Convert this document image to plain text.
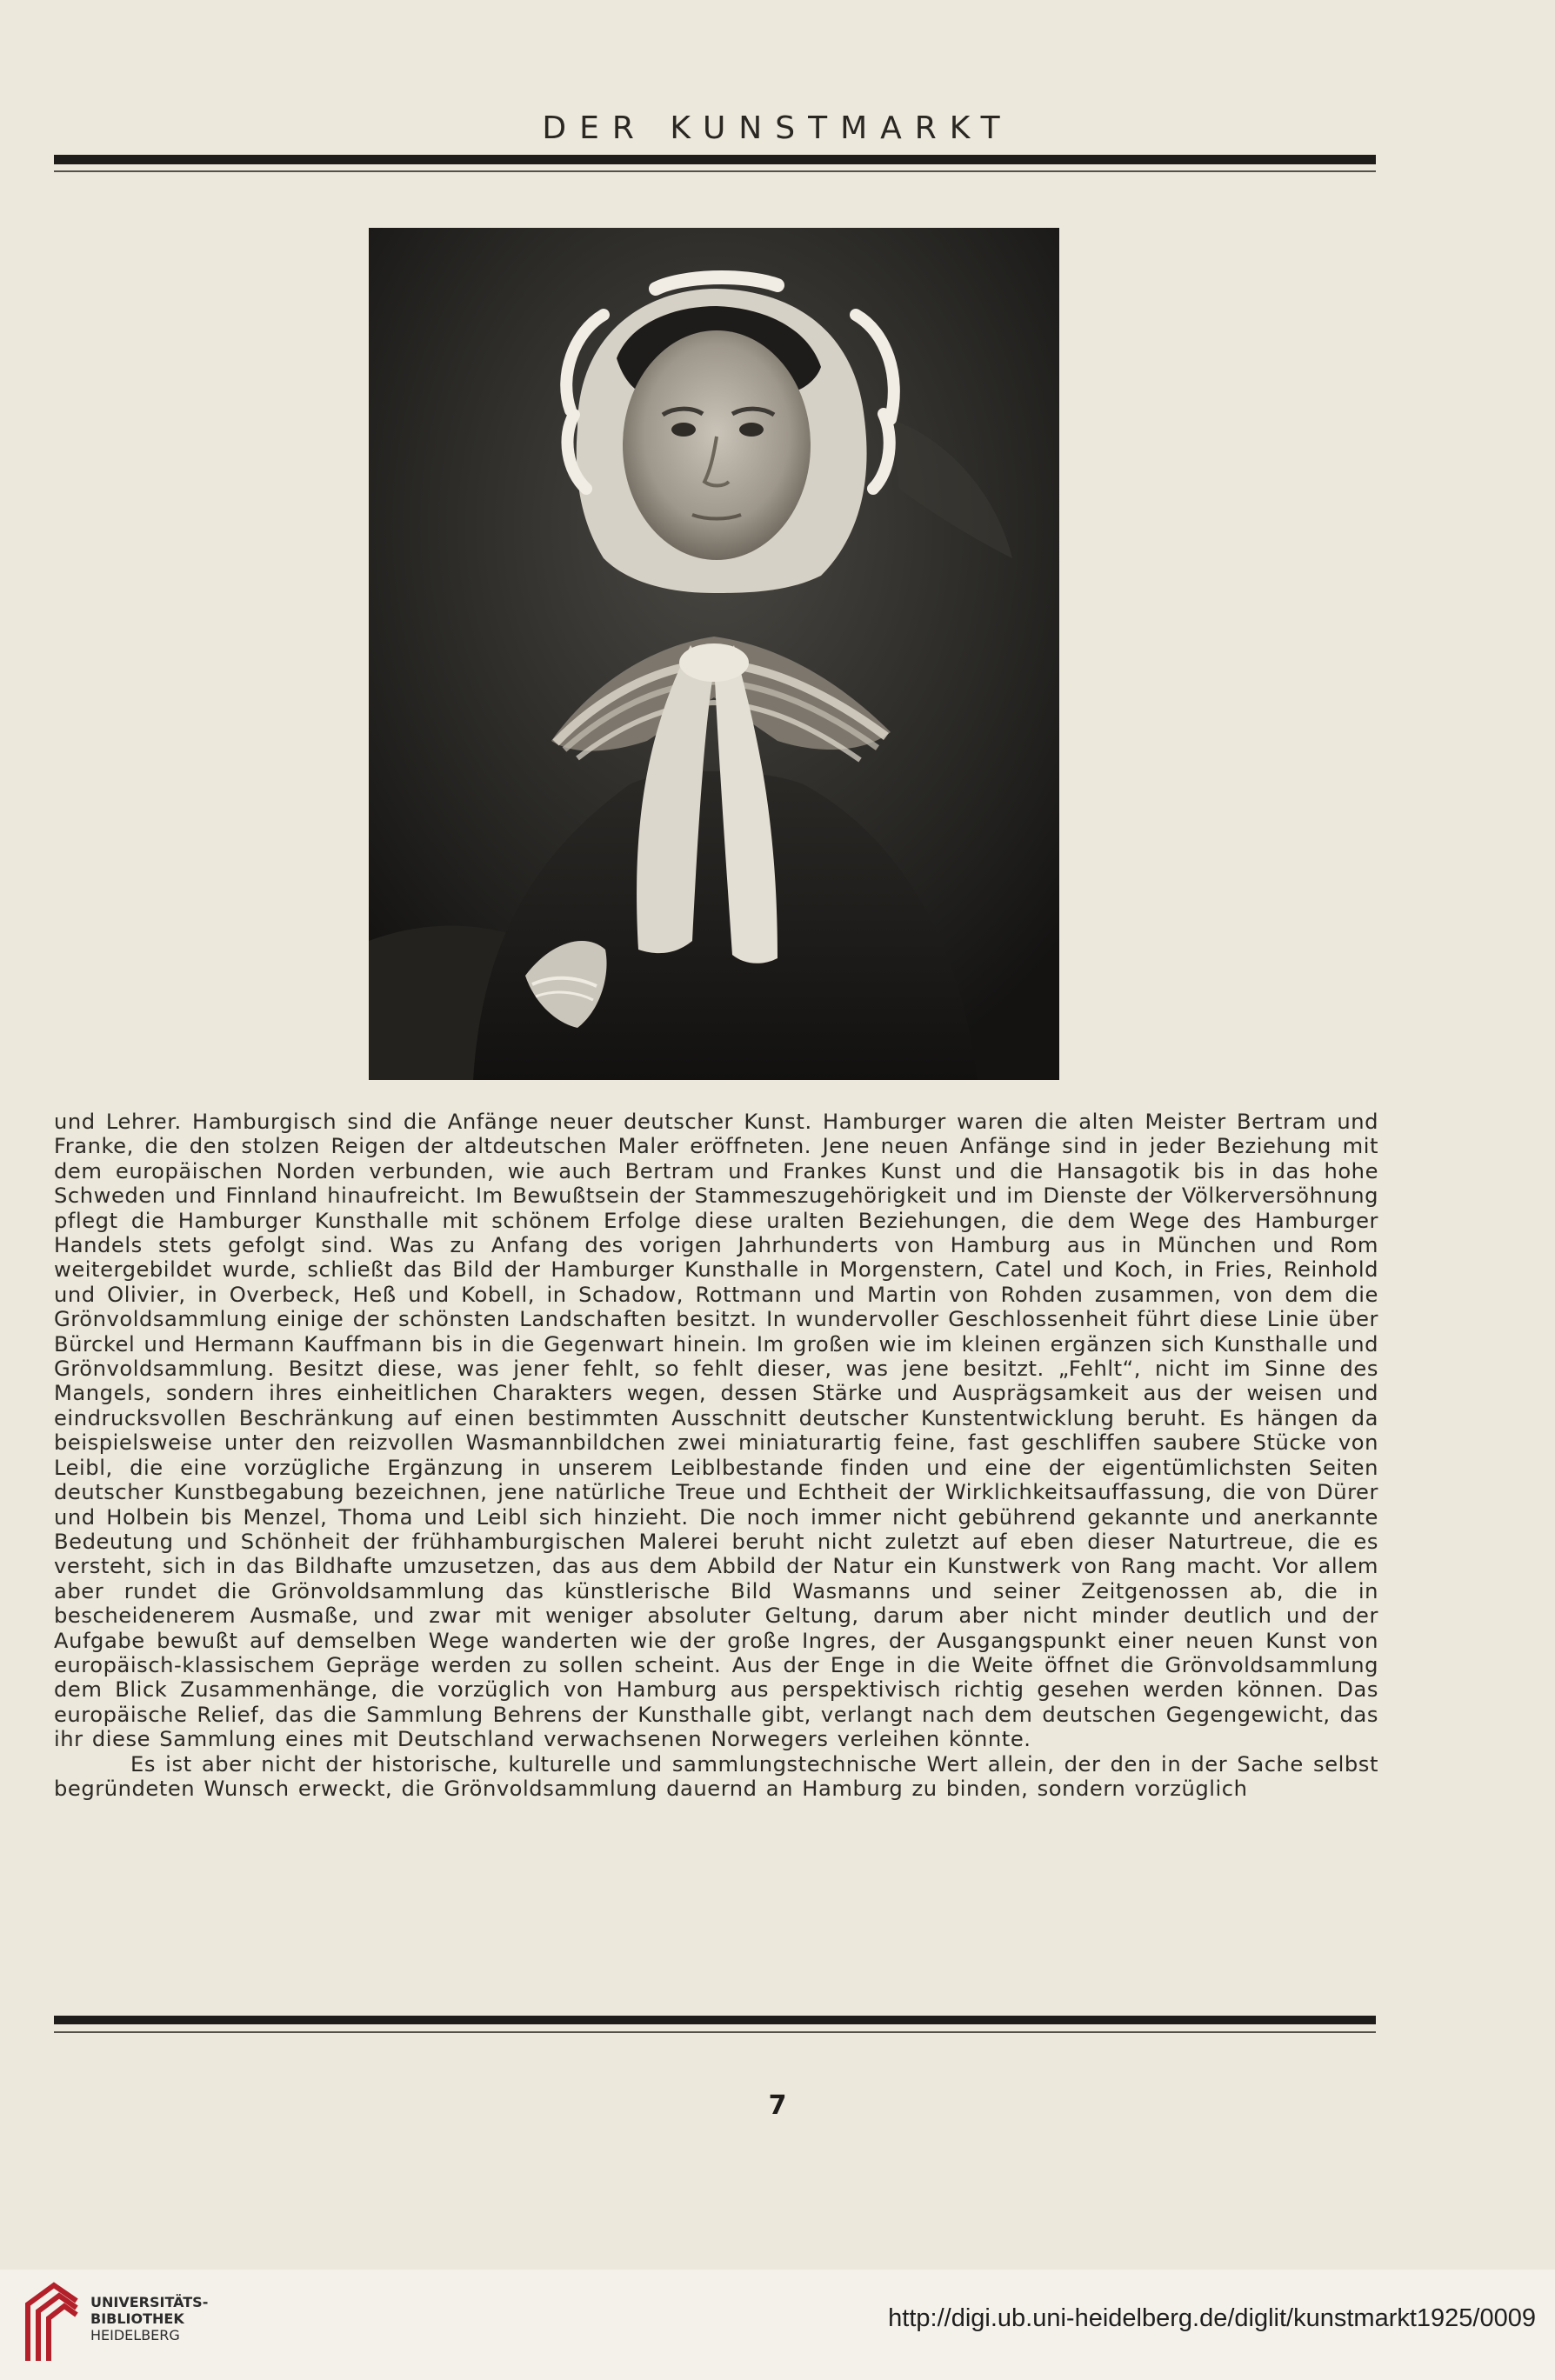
DER KUNSTMARKT

und Lehrer. Hamburgisch sind die Anfänge neuer deutscher Kunst. Hamburger waren die alten Meister Bertram und Franke, die den stolzen Reigen der altdeutschen Maler eröffneten. Jene neuen Anfänge sind in jeder Beziehung mit dem europäischen Norden verbunden, wie auch Bertram und Frankes Kunst und die Hansagotik bis in das hohe Schweden und Finnland hinaufreicht. Im Bewußtsein der Stammeszugehörigkeit und im Dienste der Völkerversöhnung pflegt die Hamburger Kunsthalle mit schönem Erfolge diese uralten Beziehungen, die dem Wege des Hamburger Handels stets gefolgt sind. Was zu Anfang des vorigen Jahrhunderts von Hamburg aus in München und Rom weitergebildet wurde, schließt das Bild der Hamburger Kunsthalle in Morgenstern, Catel und Koch, in Fries, Reinhold und Olivier, in Overbeck, Heß und Kobell, in Schadow, Rottmann und Martin von Rohden zusammen, von dem die Grönvoldsammlung einige der schönsten Landschaften besitzt. In wundervoller Geschlossenheit führt diese Linie über Bürckel und Hermann Kauffmann bis in die Gegenwart hinein. Im großen wie im kleinen ergänzen sich Kunsthalle und Grönvoldsammlung. Besitzt diese, was jener fehlt, so fehlt dieser, was jene besitzt. „Fehlt“, nicht im Sinne des Mangels, sondern ihres einheitlichen Charakters wegen, dessen Stärke und Ausprägsamkeit aus der weisen und eindrucksvollen Beschränkung auf einen bestimmten Ausschnitt deutscher Kunstentwicklung beruht. Es hängen da beispielsweise unter den reizvollen Wasmannbildchen zwei miniaturartig feine, fast geschliffen saubere Stücke von Leibl, die eine vorzügliche Ergänzung in unserem Leiblbestande finden und eine der eigentümlichsten Seiten deutscher Kunstbegabung bezeichnen, jene natürliche Treue und Echtheit der Wirklichkeitsauffassung, die von Dürer und Holbein bis Menzel, Thoma und Leibl sich hinzieht. Die noch immer nicht gebührend gekannte und anerkannte Bedeutung und Schönheit der frühhamburgischen Malerei beruht nicht zuletzt auf eben dieser Naturtreue, die es versteht, sich in das Bildhafte umzusetzen, das aus dem Abbild der Natur ein Kunstwerk von Rang macht. Vor allem aber rundet die Grönvoldsammlung das künstlerische Bild Wasmanns und seiner Zeitgenossen ab, die in bescheidenerem Ausmaße, und zwar mit weniger absoluter Geltung, darum aber nicht minder deutlich und der Aufgabe bewußt auf demselben Wege wanderten wie der große Ingres, der Ausgangspunkt einer neuen Kunst von europäisch-klassischem Gepräge werden zu sollen scheint. Aus der Enge in die Weite öffnet die Grönvoldsammlung dem Blick Zusammenhänge, die vorzüglich von Hamburg aus perspektivisch richtig gesehen werden können. Das europäische Relief, das die Sammlung Behrens der Kunsthalle gibt, verlangt nach dem deutschen Gegengewicht, das ihr diese Sammlung eines mit Deutschland verwachsenen Norwegers verleihen könnte.

Es ist aber nicht der historische, kulturelle und sammlungstechnische Wert allein, der den in der Sache selbst begründeten Wunsch erweckt, die Grönvoldsammlung dauernd an Hamburg zu binden, sondern vorzüglich

7
UNIVERSITÄTS-
BIBLIOTHEK
HEIDELBERG
http://digi.ub.uni-heidelberg.de/diglit/kunstmarkt1925/0009
